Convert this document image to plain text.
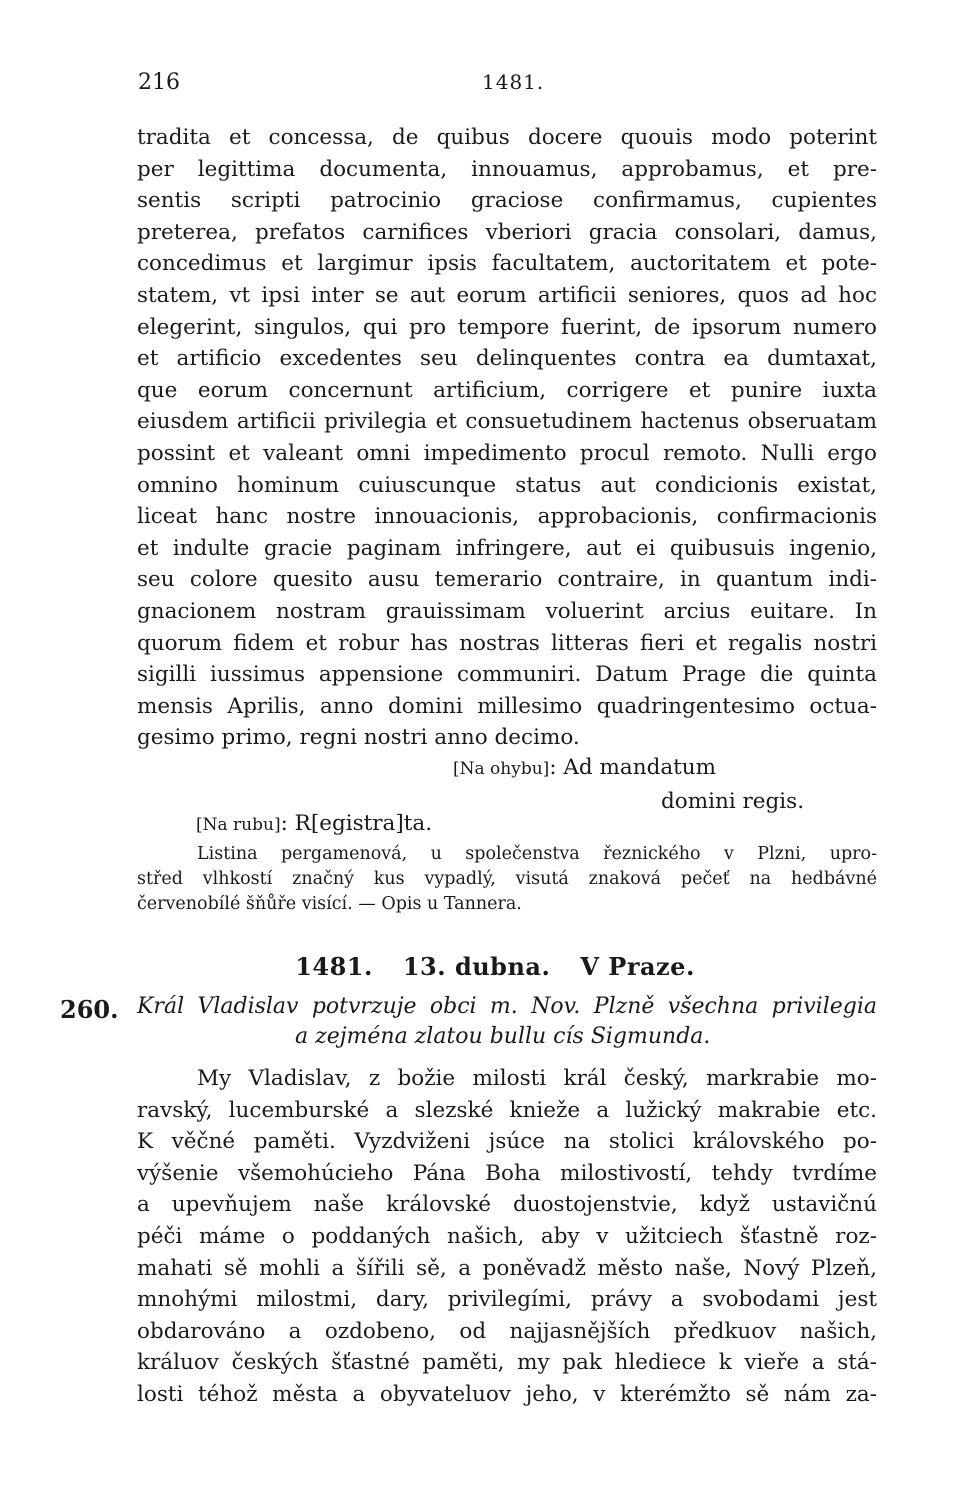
216	1481.
tradita et concessa, de quibus docere quouis modo poterint
per legittima documenta, innouamus, approbamus, et pre-
sentis scripti patrocinio graciose confirmamus, cupientes
preterea, prefatos carnifices vberiori gracia consolari, damus,
concedimus et largimur ipsis facultatem, auctoritatem et pote-
statem, vt ipsi inter se aut eorum artificii seniores, quos ad hoc
elegerint, singulos, qui pro tempore fuerint, de ipsorum numero
et artificio excedentes seu delinquentes contra ea dumtaxat,
que eorum concernunt artificium, corrigere et punire iuxta
eiusdem artificii privilegia et consuetudinem hactenus obseruatam
possint et valeant omni impedimento procul remoto. Nulli ergo
omnino hominum cuiuscunque status aut condicionis existat,
liceat hanc nostre innouacionis, approbacionis, confirmacionis
et indulte gracie paginam infringere, aut ei quibusuis ingenio,
seu colore quesito ausu temerario contraire, in quantum indi-
gnacionem nostram grauissimam voluerint arcius euitare. In
quorum fidem et robur has nostras litteras fieri et regalis nostri
sigilli iussimus appensione communiri. Datum Prage die quinta
mensis Aprilis, anno domini millesimo quadringentesimo octua-
gesimo primo, regni nostri anno decimo.
[Na ohybu]: Ad mandatum
domini regis.
[Na rubu]: R[egistra]ta.
Listina pergamenová, u společenstva řeznického v Plzni, upro-
střed vlhkostí značný kus vypadlý, visutá znaková pečeť na hedbávné
červenobílé šňůře visící. — Opis u Tannera.
1481. 13. dubna. V Praze.
260. Král Vladislav potvrzuje obci m. Nov. Plzně všechna privilegia
a zejména zlatou bullu cís Sigmunda.
My Vladislav, z božie milosti král český, markrabie mo-
ravský, lucemburské a slezské knieže a lužický makrabie etc.
K věčné paměti. Vyzdviženi jsúce na stolici královského po-
výšenie všemohúcieho Pána Boha milostivostí, tehdy tvrdíme
a upevňujem naše královské duostojenstvie, když ustavičnú
péči máme o poddaných našich, aby v užitciech šťastně roz-
mahati sě mohli a šířili sě, a poněvadž město naše, Nový Plzeň,
mnohými milostmi, dary, privilegími, právy a svobodami jest
obdarováno a ozdobeno, od najjasnějších předkuov našich,
králuov českých šťastné paměti, my pak hlediece k vieře a stá-
losti téhož města a obyvateluov jeho, v kterémžto sě nám za-
